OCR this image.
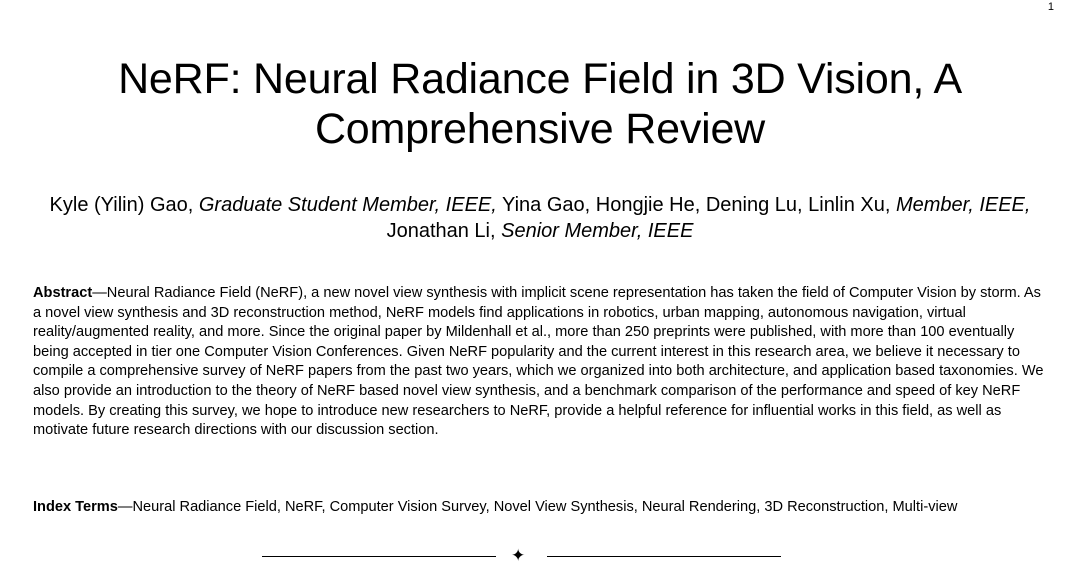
1
NeRF: Neural Radiance Field in 3D Vision, A Comprehensive Review
Kyle (Yilin) Gao, Graduate Student Member, IEEE, Yina Gao, Hongjie He, Dening Lu, Linlin Xu, Member, IEEE, Jonathan Li, Senior Member, IEEE

Abstract—Neural Radiance Field (NeRF), a new novel view synthesis with implicit scene representation has taken the field of Computer Vision by storm. As a novel view synthesis and 3D reconstruction method, NeRF models find applications in robotics, urban mapping, autonomous navigation, virtual reality/augmented reality, and more. Since the original paper by Mildenhall et al., more than 250 preprints were published, with more than 100 eventually being accepted in tier one Computer Vision Conferences. Given NeRF popularity and the current interest in this research area, we believe it necessary to compile a comprehensive survey of NeRF papers from the past two years, which we organized into both architecture, and application based taxonomies. We also provide an introduction to the theory of NeRF based novel view synthesis, and a benchmark comparison of the performance and speed of key NeRF models. By creating this survey, we hope to introduce new researchers to NeRF, provide a helpful reference for influential works in this field, as well as motivate future research directions with our discussion section.

Index Terms—Neural Radiance Field, NeRF, Computer Vision Survey, Novel View Synthesis, Neural Rendering, 3D Reconstruction, Multi-view

✦
